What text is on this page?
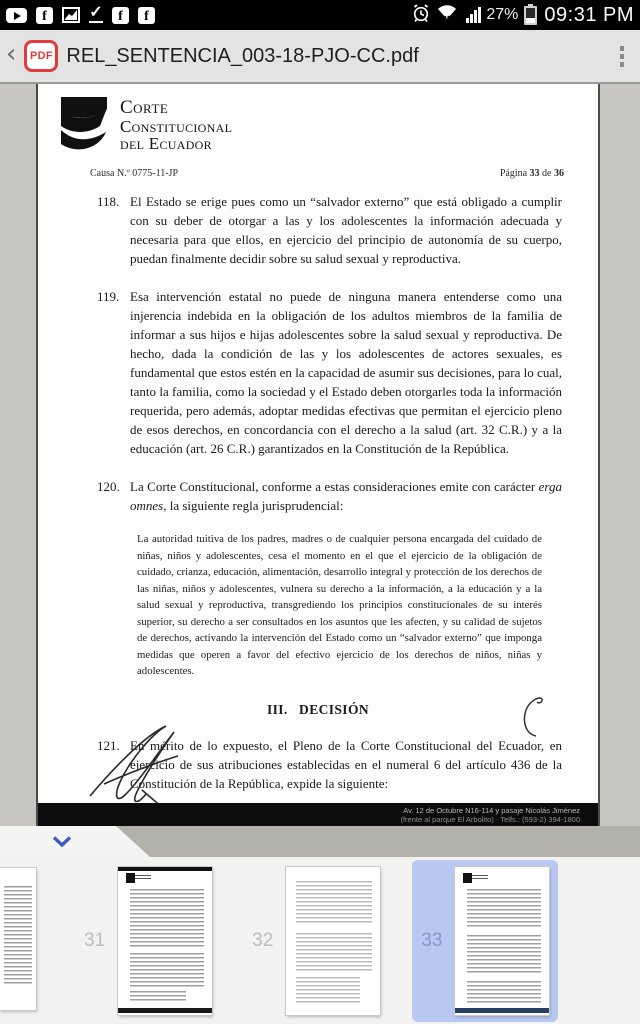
f	✓	f	f	27% 09:31 PM
‹	PDF REL_SENTENCIA_003-18-PJO-CC.pdf
Corte
Constitucional
del Ecuador
Causa N.º 0775-11-JP	Página 33 de 36
118. El Estado se erige pues como un “salvador externo” que está obligado a cumplir con su deber de otorgar a las y los adolescentes la información adecuada y necesaria para que ellos, en ejercicio del principio de autonomía de su cuerpo, puedan finalmente decidir sobre su salud sexual y reproductiva.
119. Esa intervención estatal no puede de ninguna manera entenderse como una injerencia indebida en la obligación de los adultos miembros de la familia de informar a sus hijos e hijas adolescentes sobre la salud sexual y reproductiva. De hecho, dada la condición de las y los adolescentes de actores sexuales, es fundamental que estos estén en la capacidad de asumir sus decisiones, para lo cual, tanto la familia, como la sociedad y el Estado deben otorgarles toda la información requerida, pero además, adoptar medidas efectivas que permitan el ejercicio pleno de esos derechos, en concordancia con el derecho a la salud (art. 32 C.R.) y a la educación (art. 26 C.R.) garantizados en la Constitución de la República.
120. La Corte Constitucional, conforme a estas consideraciones emite con carácter erga omnes, la siguiente regla jurisprudencial:
La autoridad tuitiva de los padres, madres o de cualquier persona encargada del cuidado de niñas, niños y adolescentes, cesa el momento en el que el ejercicio de la obligación de cuidado, crianza, educación, alimentación, desarrollo integral y protección de los derechos de las niñas, niños y adolescentes, vulnera su derecho a la información, a la educación y a la salud sexual y reproductiva, transgrediendo los principios constitucionales de su interés superior, su derecho a ser consultados en los asuntos que les afecten, y su calidad de sujetos de derechos, activando la intervención del Estado como un “salvador externo” que imponga medidas que operen a favor del efectivo ejercicio de los derechos de niños, niñas y adolescentes.
III. DECISIÓN
121. En mérito de lo expuesto, el Pleno de la Corte Constitucional del Ecuador, en ejercicio de sus atribuciones establecidas en el numeral 6 del artículo 436 de la Constitución de la República, expide la siguiente:
Av. 12 de Octubre N16-114 y pasaje Nicolás Jiménez
(frente al parque El Arbolito) · Telfs.: (593-2) 394-1800
31	32	33
